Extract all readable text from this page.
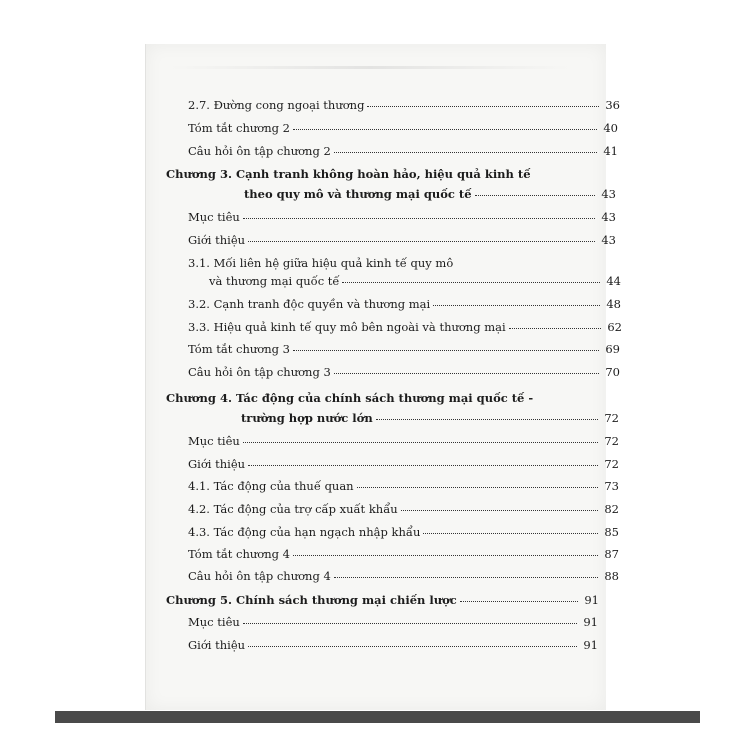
2.7. Đường cong ngoại thương	36
Tóm tắt chương 2	40
Câu hỏi ôn tập chương 2	41
Chương 3. Cạnh tranh không hoàn hảo, hiệu quả kinh tế
theo quy mô và thương mại quốc tế	43
Mục tiêu	43
Giới thiệu	43
3.1. Mối liên hệ giữa hiệu quả kinh tế quy mô
và thương mại quốc tế	44
3.2. Cạnh tranh độc quyền và thương mại	48
3.3. Hiệu quả kinh tế quy mô bên ngoài và thương mại	62
Tóm tắt chương 3	69
Câu hỏi ôn tập chương 3	70
Chương 4. Tác động của chính sách thương mại quốc tế -
trường hợp nước lớn	72
Mục tiêu	72
Giới thiệu	72
4.1. Tác động của thuế quan	73
4.2. Tác động của trợ cấp xuất khẩu	82
4.3. Tác động của hạn ngạch nhập khẩu	85
Tóm tắt chương 4	87
Câu hỏi ôn tập chương 4	88
Chương 5. Chính sách thương mại chiến lược	91
Mục tiêu	91
Giới thiệu	91
